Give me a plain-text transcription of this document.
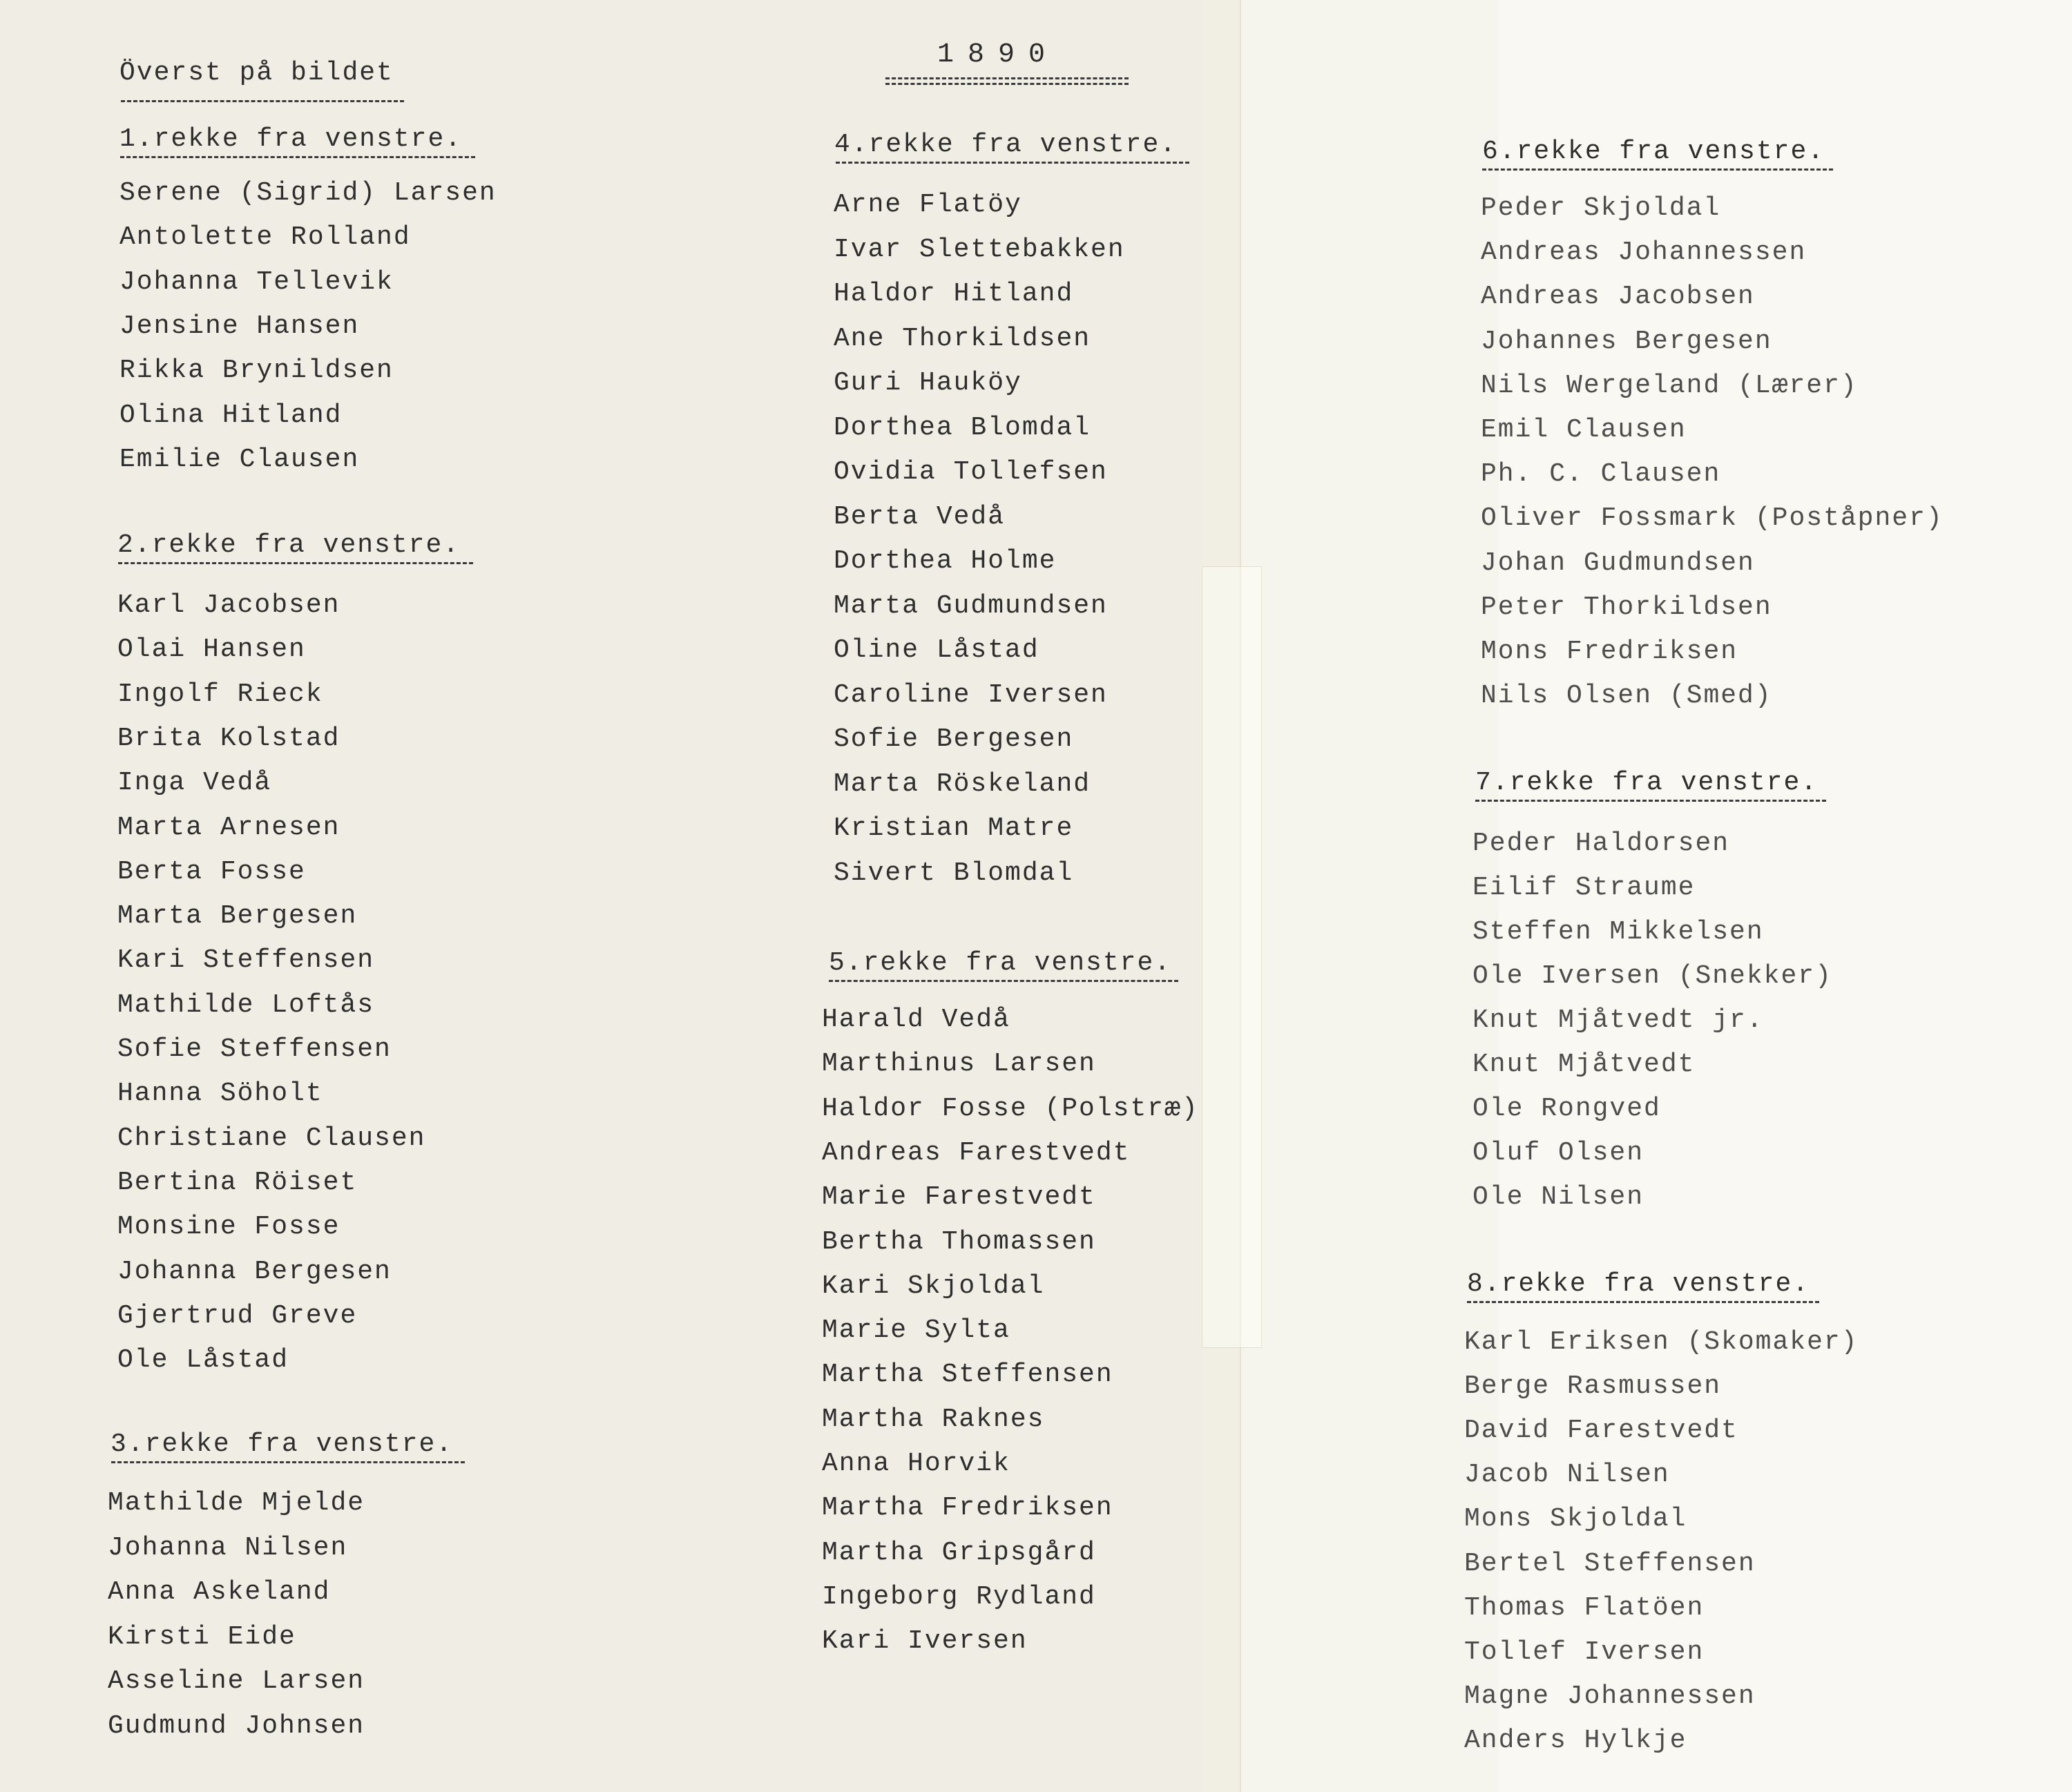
Överst på bildet
1890
1.rekke fra venstre.
Serene (Sigrid) Larsen
Antolette Rolland
Johanna Tellevik
Jensine Hansen
Rikka Brynildsen
Olina Hitland
Emilie Clausen
2.rekke fra venstre.
Karl Jacobsen
Olai Hansen
Ingolf Rieck
Brita Kolstad
Inga Vedå
Marta Arnesen
Berta Fosse
Marta Bergesen
Kari Steffensen
Mathilde Loftås
Sofie Steffensen
Hanna Söholt
Christiane Clausen
Bertina Röiset
Monsine Fosse
Johanna Bergesen
Gjertrud Greve
Ole Låstad
3.rekke fra venstre.
Mathilde Mjelde
Johanna Nilsen
Anna Askeland
Kirsti Eide
Asseline Larsen
Gudmund Johnsen
4.rekke fra venstre.
Arne Flatöy
Ivar Slettebakken
Haldor Hitland
Ane Thorkildsen
Guri Hauköy
Dorthea Blomdal
Ovidia Tollefsen
Berta Vedå
Dorthea Holme
Marta Gudmundsen
Oline Låstad
Caroline Iversen
Sofie Bergesen
Marta Röskeland
Kristian Matre
Sivert Blomdal
5.rekke fra venstre.
Harald Vedå
Marthinus Larsen
Haldor Fosse (Polstræ)
Andreas Farestvedt
Marie Farestvedt
Bertha Thomassen
Kari Skjoldal
Marie Sylta
Martha Steffensen
Martha Raknes
Anna Horvik
Martha Fredriksen
Martha Gripsgård
Ingeborg Rydland
Kari Iversen
6.rekke fra venstre.
Peder Skjoldal
Andreas Johannessen
Andreas Jacobsen
Johannes Bergesen
Nils Wergeland (Lærer)
Emil Clausen
Ph. C. Clausen
Oliver Fossmark (Poståpner)
Johan Gudmundsen
Peter Thorkildsen
Mons Fredriksen
Nils Olsen (Smed)
7.rekke fra venstre.
Peder Haldorsen
Eilif Straume
Steffen Mikkelsen
Ole Iversen (Snekker)
Knut Mjåtvedt jr.
Knut Mjåtvedt
Ole Rongved
Oluf Olsen
Ole Nilsen
8.rekke fra venstre.
Karl Eriksen (Skomaker)
Berge Rasmussen
David Farestvedt
Jacob Nilsen
Mons Skjoldal
Bertel Steffensen
Thomas Flatöen
Tollef Iversen
Magne Johannessen
Anders Hylkje
